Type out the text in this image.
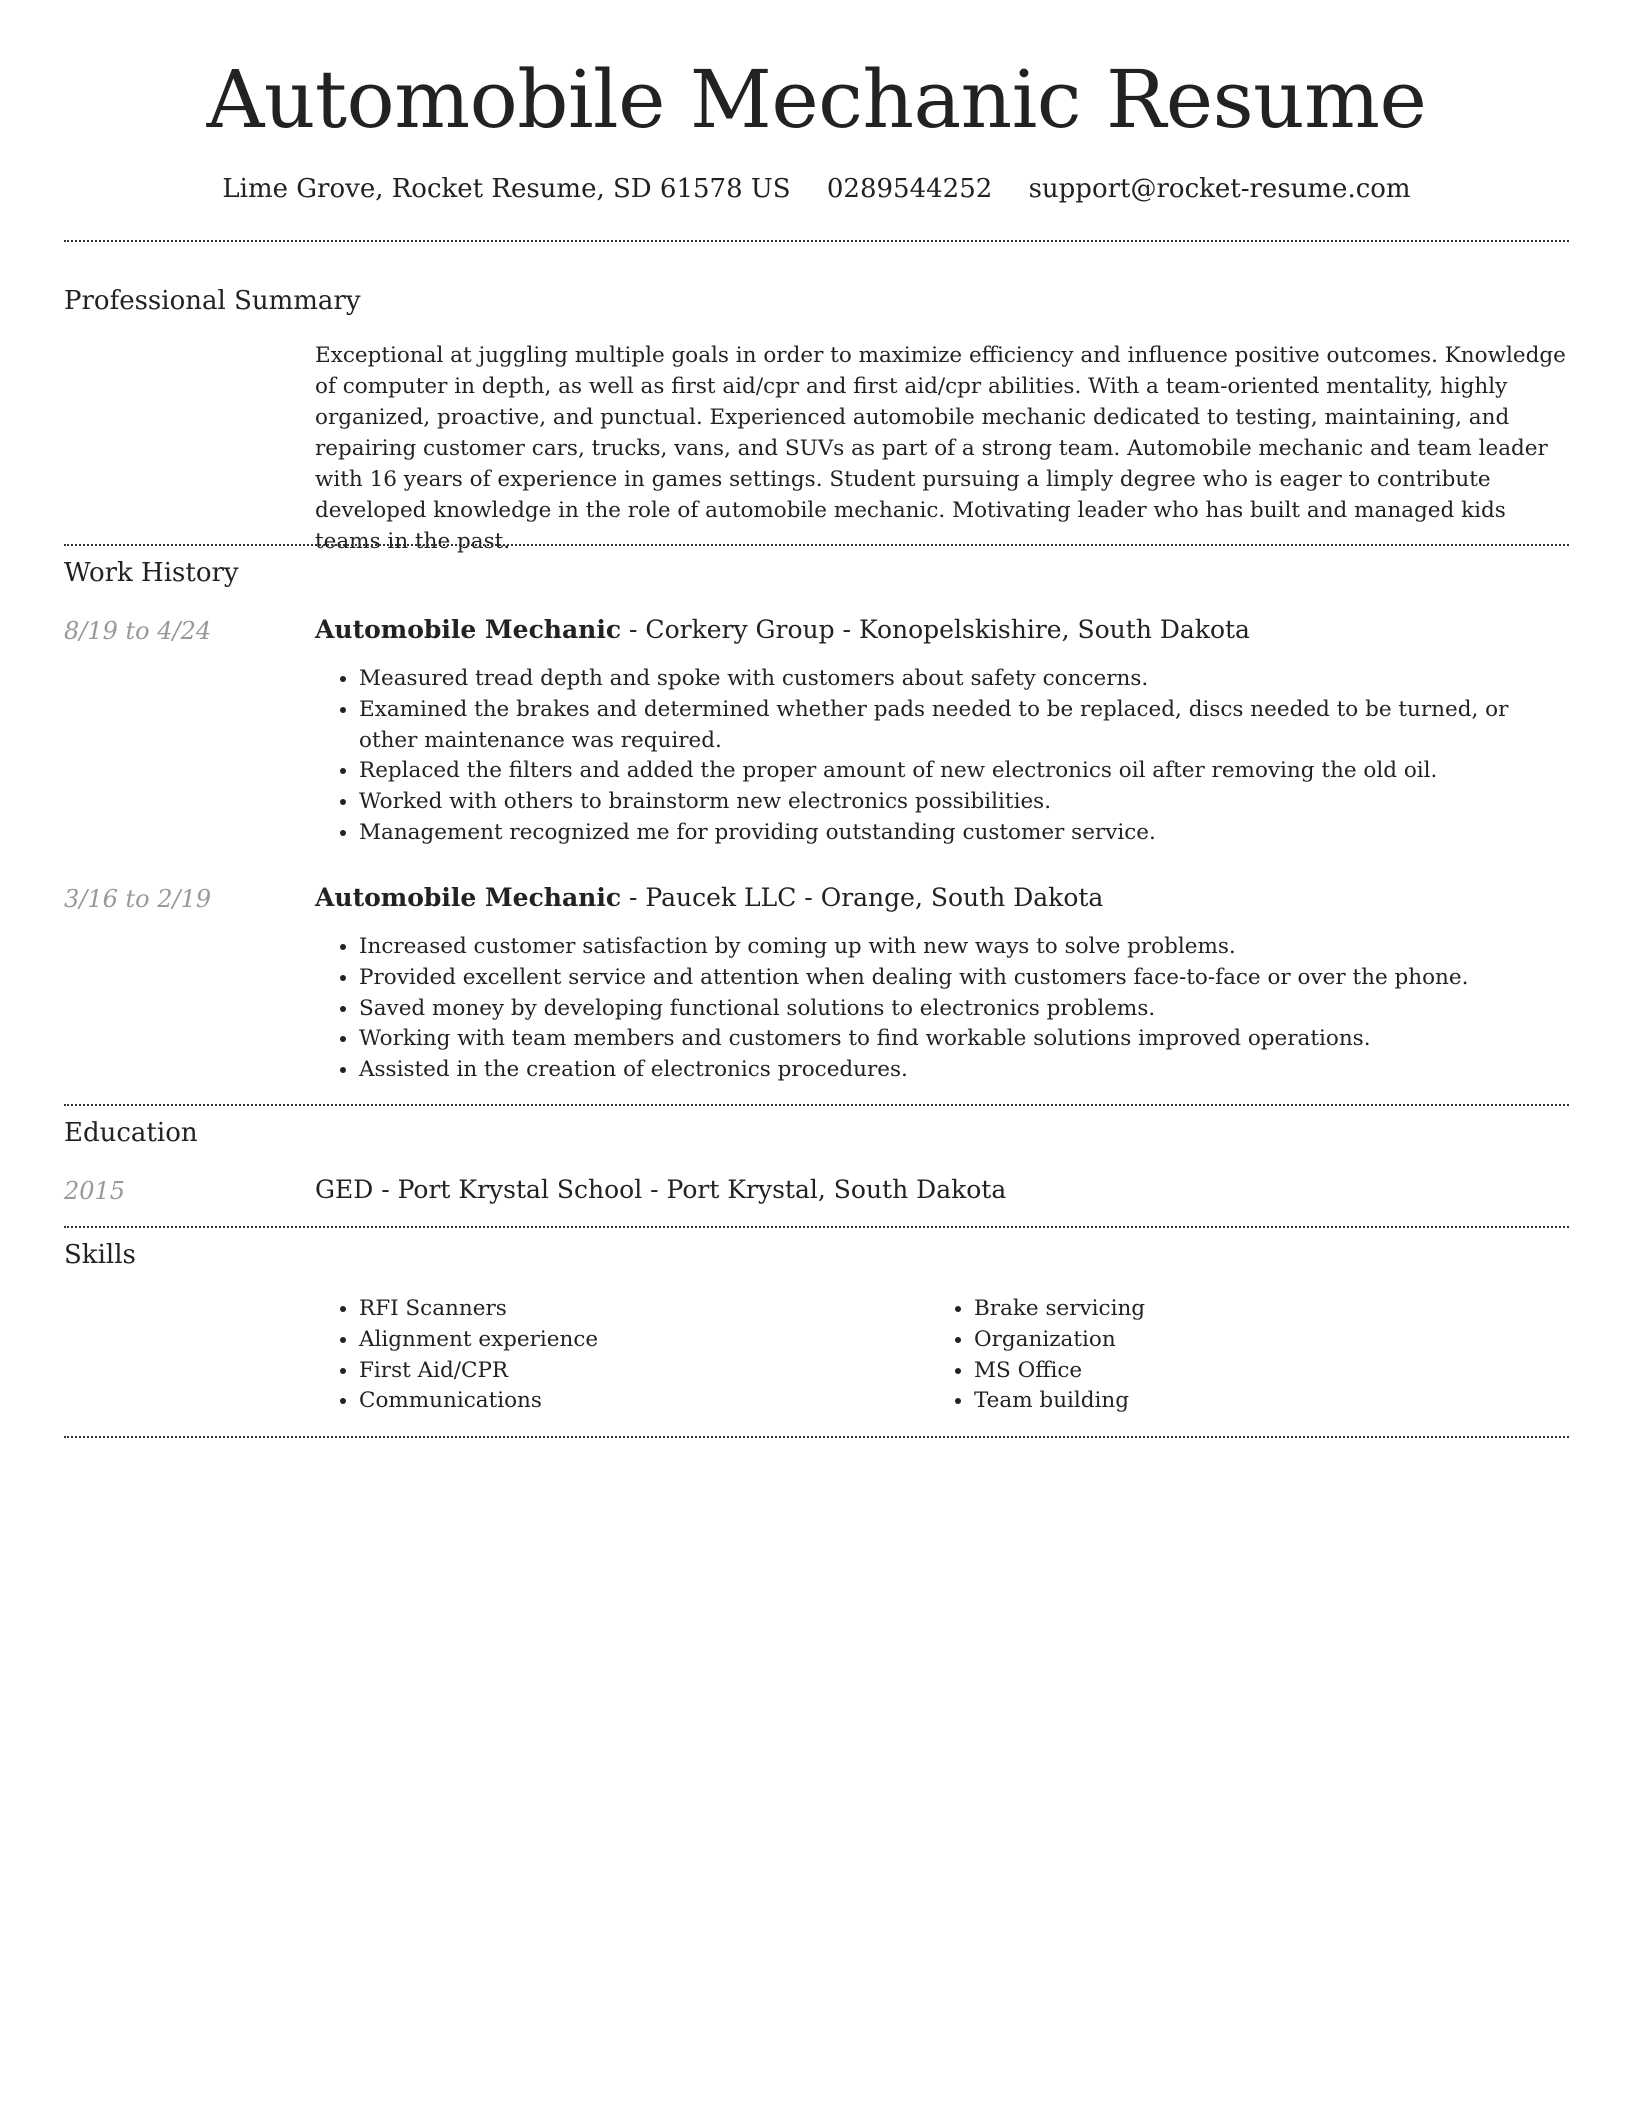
Automobile Mechanic Resume
Lime Grove, Rocket Resume, SD 61578 US 0289544252 support@rocket-resume.com
Professional Summary
Exceptional at juggling multiple goals in order to maximize efficiency and influence positive outcomes. Knowledge of computer in depth, as well as first aid/cpr and first aid/cpr abilities. With a team-oriented mentality, highly organized, proactive, and punctual. Experienced automobile mechanic dedicated to testing, maintaining, and repairing customer cars, trucks, vans, and SUVs as part of a strong team. Automobile mechanic and team leader with 16 years of experience in games settings. Student pursuing a limply degree who is eager to contribute developed knowledge in the role of automobile mechanic. Motivating leader who has built and managed kids teams in the past.
Work History
8/19 to 4/24	Automobile Mechanic - Corkery Group - Konopelskishire, South Dakota
• Measured tread depth and spoke with customers about safety concerns.
• Examined the brakes and determined whether pads needed to be replaced, discs needed to be turned, or other maintenance was required.
• Replaced the filters and added the proper amount of new electronics oil after removing the old oil.
• Worked with others to brainstorm new electronics possibilities.
• Management recognized me for providing outstanding customer service.
3/16 to 2/19	Automobile Mechanic - Paucek LLC - Orange, South Dakota
• Increased customer satisfaction by coming up with new ways to solve problems.
• Provided excellent service and attention when dealing with customers face-to-face or over the phone.
• Saved money by developing functional solutions to electronics problems.
• Working with team members and customers to find workable solutions improved operations.
• Assisted in the creation of electronics procedures.
Education
2015	GED - Port Krystal School - Port Krystal, South Dakota
Skills
• RFI Scanners
• Alignment experience
• First Aid/CPR
• Communications
• Brake servicing
• Organization
• MS Office
• Team building
